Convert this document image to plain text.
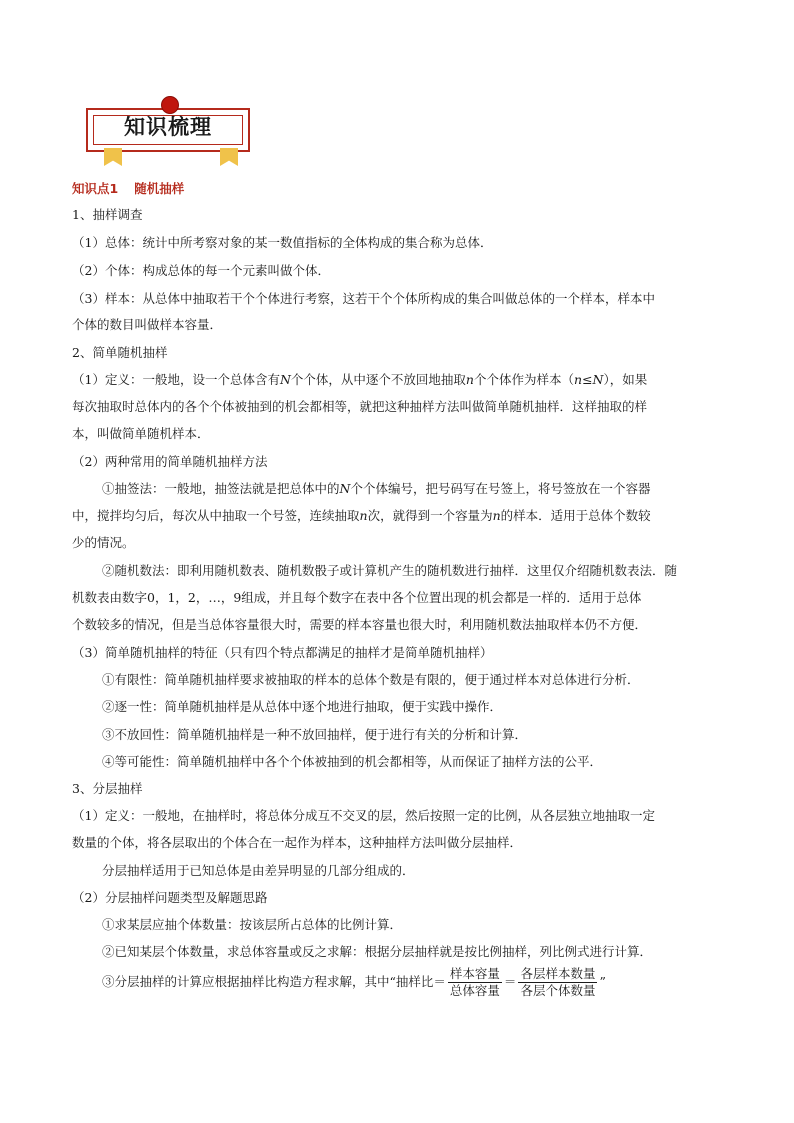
知识梳理
知识点1 随机抽样
1、抽样调查
（1）总体：统计中所考察对象的某一数值指标的全体构成的集合称为总体．
（2）个体：构成总体的每一个元素叫做个体．
（3）样本：从总体中抽取若干个个体进行考察，这若干个个体所构成的集合叫做总体的一个样本，样本中
个体的数目叫做样本容量．
2、简单随机抽样
（1）定义：一般地，设一个总体含有N个个体，从中逐个不放回地抽取n个个体作为样本（n≤N），如果
每次抽取时总体内的各个个体被抽到的机会都相等，就把这种抽样方法叫做简单随机抽样．这样抽取的样
本，叫做简单随机样本．
（2）两种常用的简单随机抽样方法
①抽签法：一般地，抽签法就是把总体中的N个个体编号，把号码写在号签上，将号签放在一个容器
中，搅拌均匀后，每次从中抽取一个号签，连续抽取n次，就得到一个容量为n的样本．适用于总体个数较
少的情况。
②随机数法：即利用随机数表、随机数骰子或计算机产生的随机数进行抽样．这里仅介绍随机数表法．随
机数表由数字0，1，2，…，9组成，并且每个数字在表中各个位置出现的机会都是一样的．适用于总体
个数较多的情况，但是当总体容量很大时，需要的样本容量也很大时，利用随机数法抽取样本仍不方便．
（3）简单随机抽样的特征（只有四个特点都满足的抽样才是简单随机抽样）
①有限性：简单随机抽样要求被抽取的样本的总体个数是有限的，便于通过样本对总体进行分析．
②逐一性：简单随机抽样是从总体中逐个地进行抽取，便于实践中操作．
③不放回性：简单随机抽样是一种不放回抽样，便于进行有关的分析和计算．
④等可能性：简单随机抽样中各个个体被抽到的机会都相等，从而保证了抽样方法的公平．
3、分层抽样
（1）定义：一般地，在抽样时，将总体分成互不交叉的层，然后按照一定的比例，从各层独立地抽取一定
数量的个体，将各层取出的个体合在一起作为样本，这种抽样方法叫做分层抽样．
分层抽样适用于已知总体是由差异明显的几部分组成的．
（2）分层抽样问题类型及解题思路
①求某层应抽个体数量：按该层所占总体的比例计算．
②已知某层个体数量，求总体容量或反之求解：根据分层抽样就是按比例抽样，列比例式进行计算．
③分层抽样的计算应根据抽样比构造方程求解，其中“抽样比＝ $\frac{\text{样本容量}}{\text{总体容量}} = \frac{\text{各层样本数量}}{\text{各层个体数量}}$ ”
